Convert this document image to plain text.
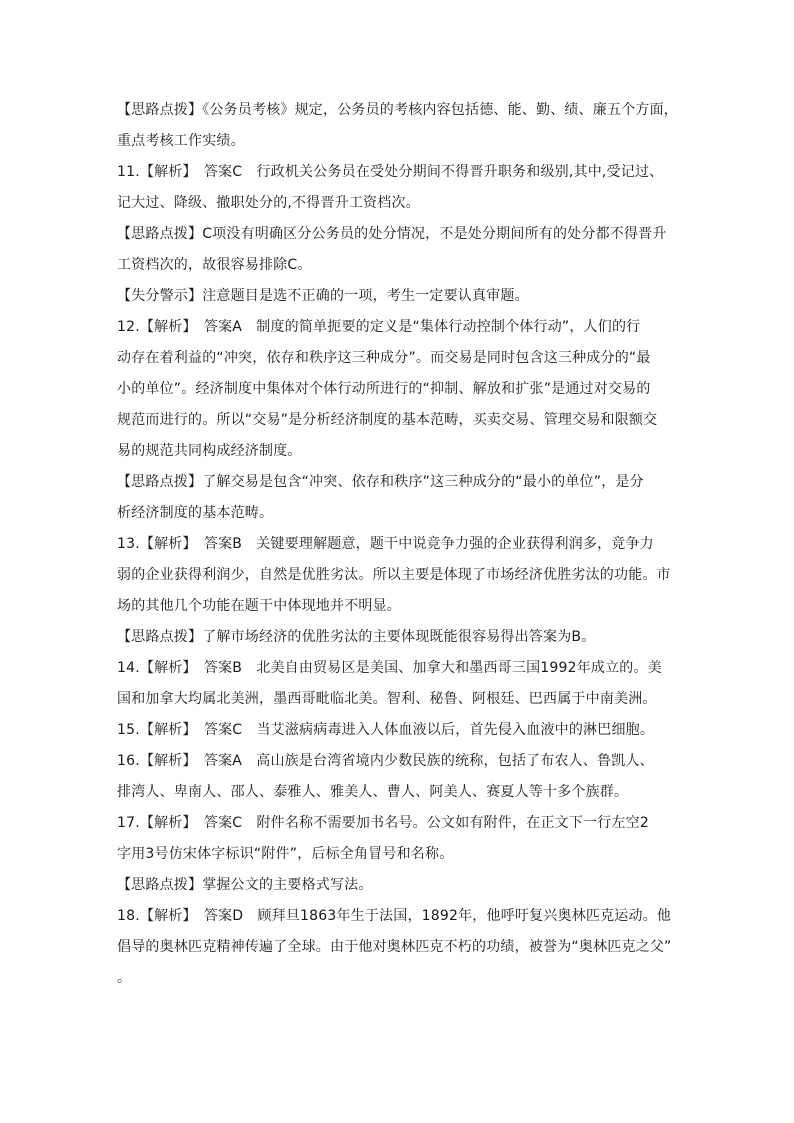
【思路点拨】《公务员考核》规定，公务员的考核内容包括德、能、勤、绩、廉五个方面，
重点考核工作实绩。
11.【解析】　答案C　行政机关公务员在受处分期间不得晋升职务和级别,其中,受记过、
记大过、降级、撤职处分的,不得晋升工资档次。
【思路点拨】C项没有明确区分公务员的处分情况，不是处分期间所有的处分都不得晋升
工资档次的，故很容易排除C。
【失分警示】注意题目是选不正确的一项，考生一定要认真审题。
12.【解析】　答案A　制度的简单扼要的定义是“集体行动控制个体行动”，人们的行
动存在着利益的“冲突，依存和秩序这三种成分”。而交易是同时包含这三种成分的“最
小的单位”。经济制度中集体对个体行动所进行的“抑制、解放和扩张”是通过对交易的
规范而进行的。所以“交易”是分析经济制度的基本范畴，买卖交易、管理交易和限额交
易的规范共同构成经济制度。
【思路点拨】了解交易是包含“冲突、依存和秩序”这三种成分的“最小的单位”，是分
析经济制度的基本范畴。
13.【解析】　答案B　关键要理解题意，题干中说竞争力强的企业获得利润多，竞争力
弱的企业获得利润少，自然是优胜劣汰。所以主要是体现了市场经济优胜劣汰的功能。市
场的其他几个功能在题干中体现地并不明显。
【思路点拨】了解市场经济的优胜劣汰的主要体现既能很容易得出答案为B。
14.【解析】　答案B　北美自由贸易区是美国、加拿大和墨西哥三国1992年成立的。美
国和加拿大均属北美洲，墨西哥毗临北美。智利、秘鲁、阿根廷、巴西属于中南美洲。
15.【解析】　答案C　当艾滋病病毒进入人体血液以后，首先侵入血液中的淋巴细胞。
16.【解析】　答案A　高山族是台湾省境内少数民族的统称，包括了布农人、鲁凯人、
排湾人、卑南人、邵人、泰雅人、雅美人、曹人、阿美人、赛夏人等十多个族群。
17.【解析】　答案C　附件名称不需要加书名号。公文如有附件，在正文下一行左空2
字用3号仿宋体字标识“附件”，后标全角冒号和名称。
【思路点拨】掌握公文的主要格式写法。
18.【解析】　答案D　顾拜旦1863年生于法国，1892年，他呼吁复兴奥林匹克运动。他
倡导的奥林匹克精神传遍了全球。由于他对奥林匹克不朽的功绩，被誉为“奥林匹克之父”
。
